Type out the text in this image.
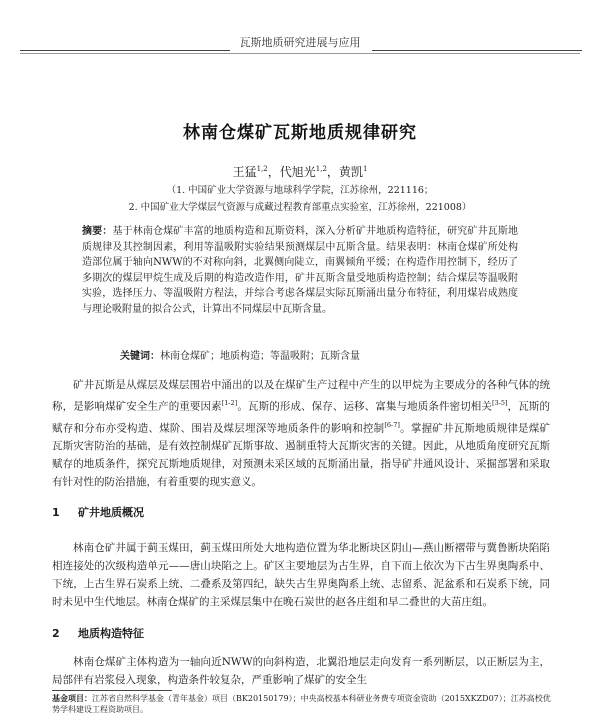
瓦斯地质研究进展与应用
林南仓煤矿瓦斯地质规律研究
王猛$^{1,2}$，代旭光$^{1,2}$，黄凯$^1$
（1. 中国矿业大学资源与地球科学学院，江苏徐州，221116；
2. 中国矿业大学煤层气资源与成藏过程教育部重点实验室，江苏徐州，221008）
摘要：基于林南仓煤矿丰富的地质构造和瓦斯资料，深入分析矿井地质构造特征，研究矿井瓦斯地质规律及其控制因素，利用等温吸附实验结果预测煤层中瓦斯含量。结果表明：林南仓煤矿所处构造部位属于轴向NWW的不对称向斜，北翼侧向陡立，南翼倾角平缓；在构造作用控制下，经历了多期次的煤层甲烷生成及后期的构造改造作用，矿井瓦斯含量受地质构造控制；结合煤层等温吸附实验，选择压力、等温吸附方程法，并综合考虑各煤层实际瓦斯涌出量分布特征，利用煤岩成熟度与理论吸附量的拟合公式，计算出不同煤层中瓦斯含量。
关键词：林南仓煤矿；地质构造；等温吸附；瓦斯含量
矿井瓦斯是从煤层及煤层围岩中涌出的以及在煤矿生产过程中产生的以甲烷为主要成分的各种气体的统称，是影响煤矿安全生产的重要因素[1-2]。瓦斯的形成、保存、运移、富集与地质条件密切相关[3-5]，瓦斯的赋存和分布亦受构造、煤阶、围岩及煤层埋深等地质条件的影响和控制[6-7]。掌握矿井瓦斯地质规律是煤矿瓦斯灾害防治的基础，是有效控制煤矿瓦斯事故、遏制重特大瓦斯灾害的关键。因此，从地质角度研究瓦斯赋存的地质条件，探究瓦斯地质规律，对预测未采区域的瓦斯涌出量，指导矿井通风设计、采掘部署和采取有针对性的防治措施，有着重要的现实意义。
1 矿井地质概况
林南仓矿井属于蓟玉煤田，蓟玉煤田所处大地构造位置为华北断块区阴山—燕山断褶带与冀鲁断块陷陷相连接处的次级构造单元——唐山块陷之上。矿区主要地层为古生界，自下而上依次为下古生界奥陶系中、下统，上古生界石炭系上统、二叠系及第四纪，缺失古生界奥陶系上统、志留系、泥盆系和石炭系下统，同时未见中生代地层。林南仓煤矿的主采煤层集中在晚石炭世的赵各庄组和早二叠世的大苗庄组。
2 地质构造特征
林南仓煤矿主体构造为一轴向近NWW的向斜构造，北翼沿地层走向发育一系列断层，以正断层为主，局部伴有岩浆侵入现象，构造条件较复杂，严重影响了煤矿的安全生
基金项目：江苏省自然科学基金（青年基金）项目（BK20150179）；中央高校基本科研业务费专项资金资助（2015XKZD07）；江苏高校优势学科建设工程资助项目。
